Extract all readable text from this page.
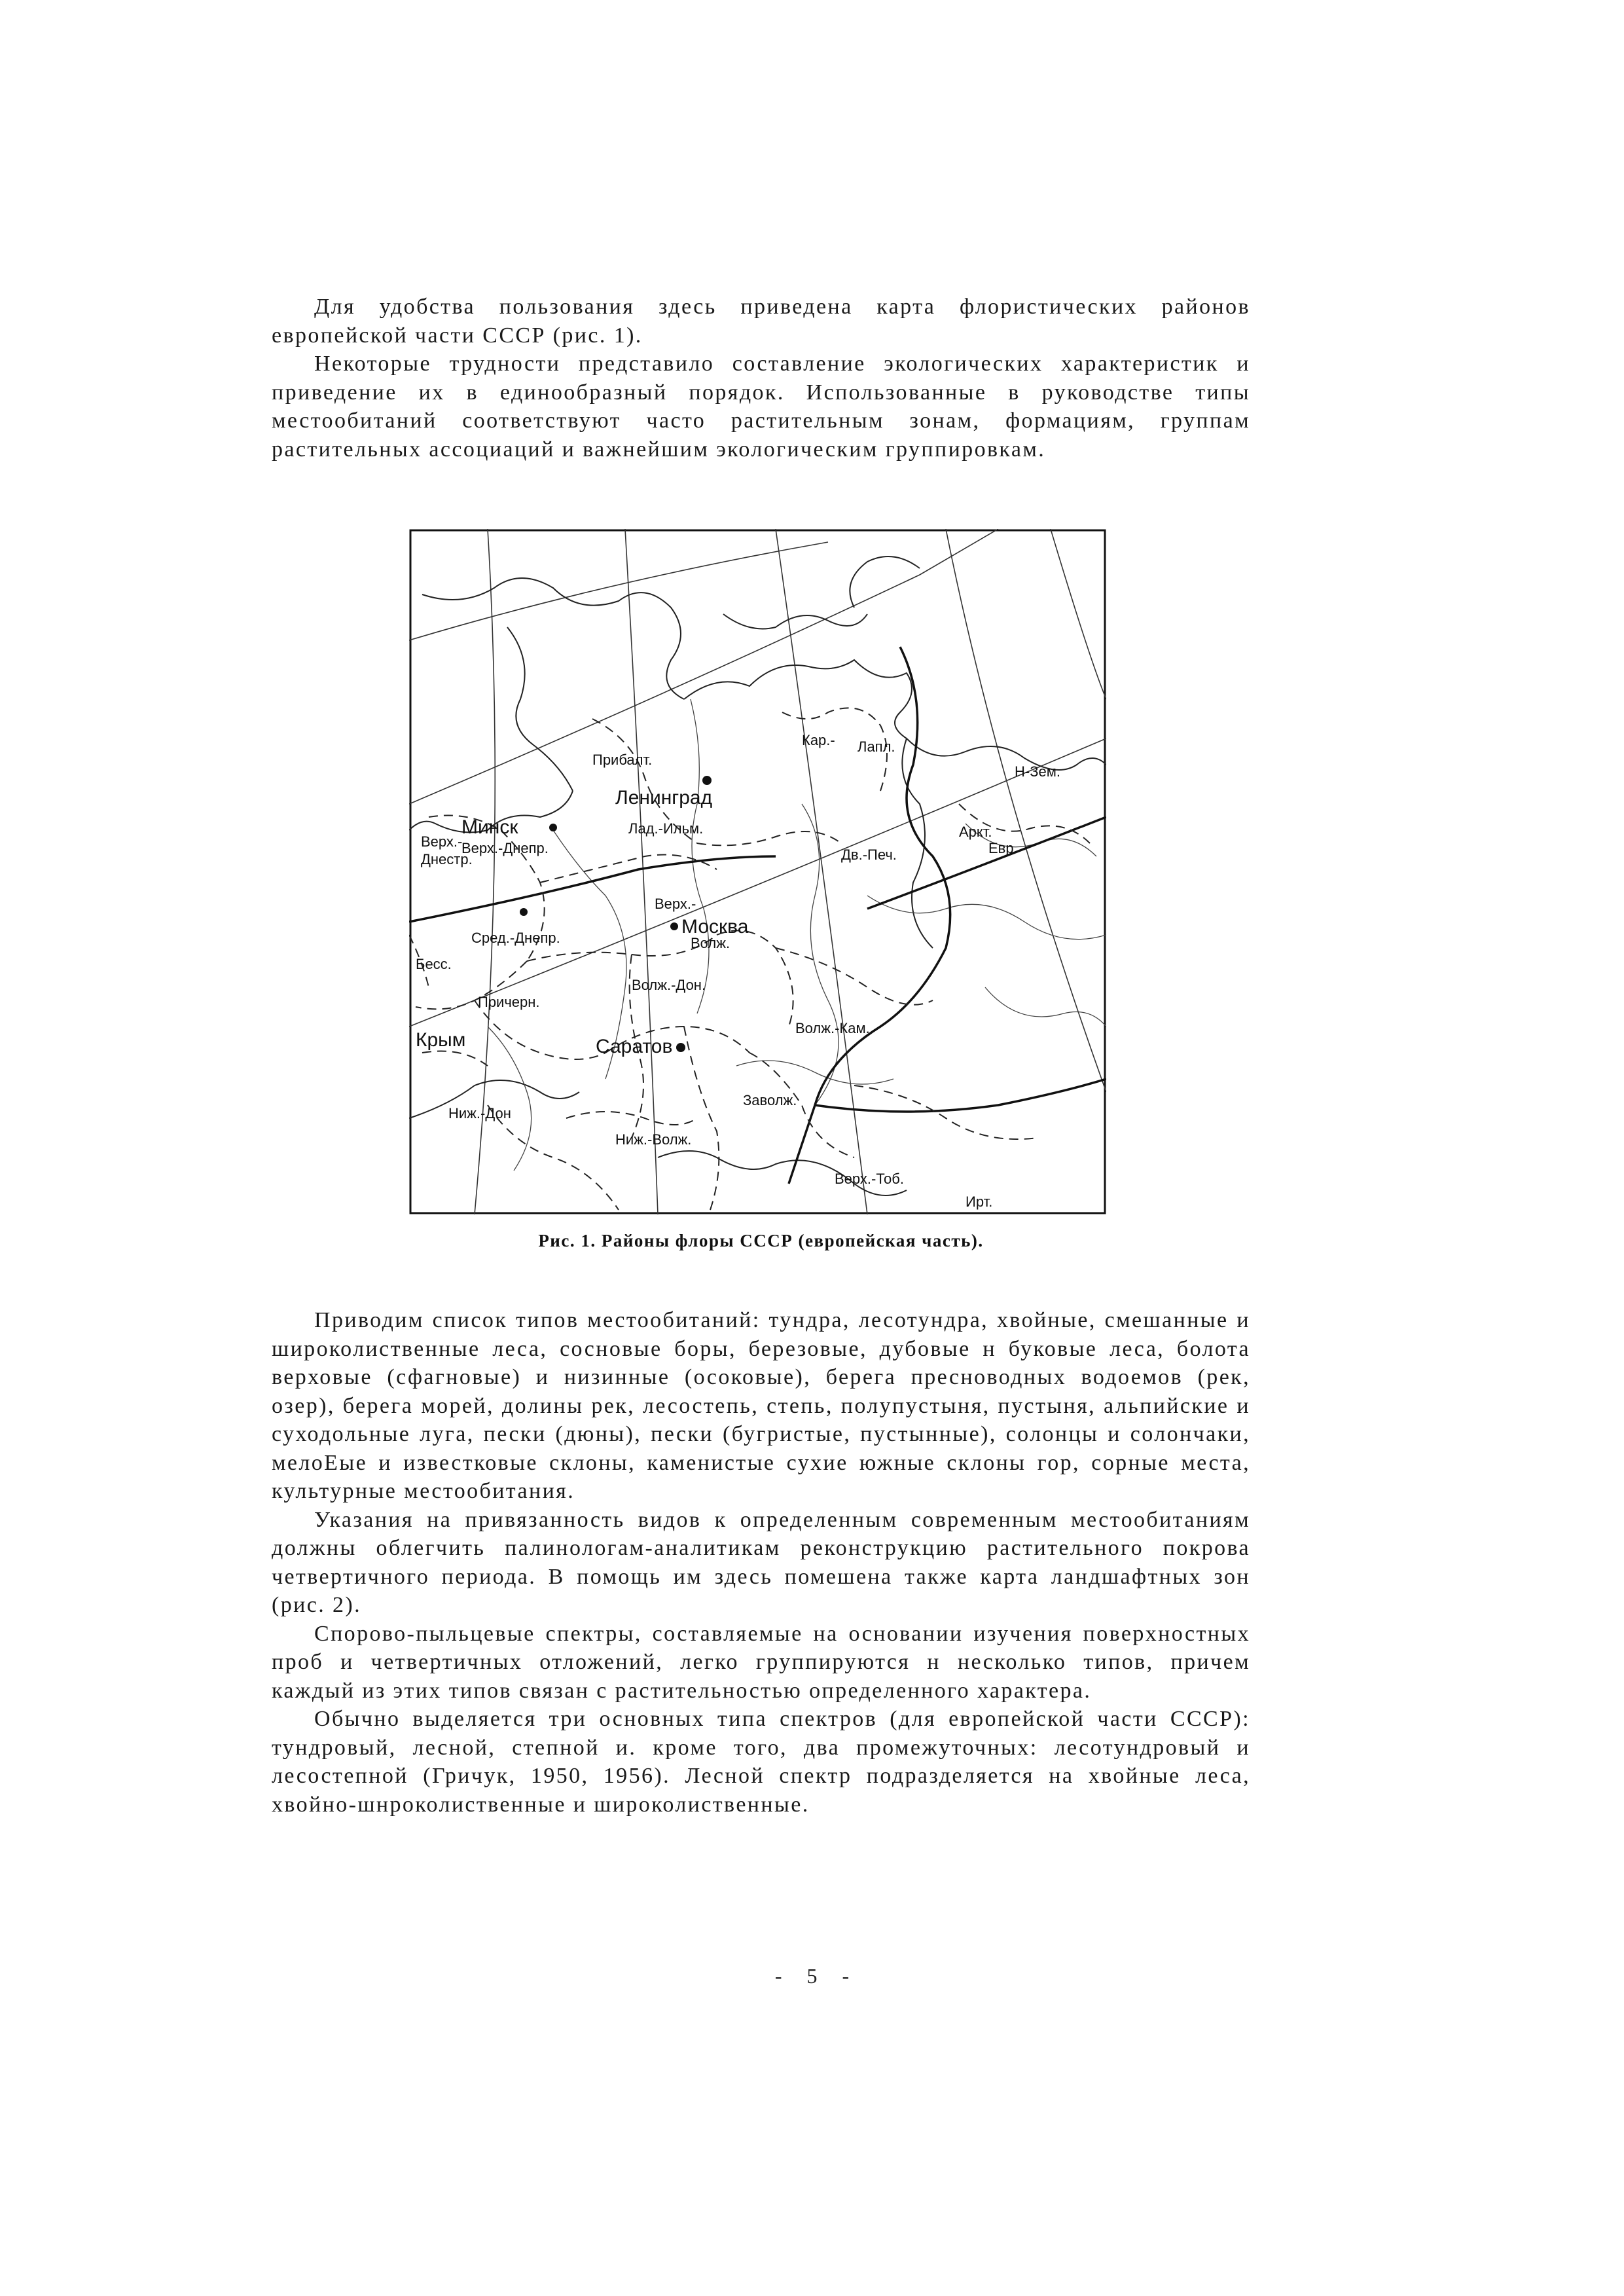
Для удобства пользования здесь приведена карта флористических районов европейской части СССР (рис. 1).

Некоторые трудности представило составление экологических характеристик и приведение их в единообразный порядок. Использованные в руководстве типы местообитаний соответствуют часто растительным зонам, формациям, группам растительных ассоциаций и важнейшим экологическим группировкам.

Минск
Ленинград
Москва
Саратов
Прибалт.
Кар.- Лапл.
Н-Зем.
Аркт.
Евр.
Верх.-
Днестр.
Верх.-Днепр.
Лад.-Ильм.
Дв.-Печ.
Верх.-
Волж.
Сред.-Днепр.
Бесс.
Волж.-Дон.
Причерн.
Волж.-Кам.
Крым
Заволж.
Ниж.-Дон
Ниж.-Волж.
Верх.-Тоб.
Ирт.
Рис. 1. Районы флоры СССР (европейская часть).

Приводим список типов местообитаний: тундра, лесотундра, хвойные, смешанные и широколиственные леса, сосновые боры, березовые, дубовые н буковые леса, болота верховые (сфагновые) и низинные (осоковые), берега пресноводных водоемов (рек, озер), берега морей, долины рек, лесостепь, степь, полупустыня, пустыня, альпийские и суходольные луга, пески (дюны), пески (бугристые, пустынные), солонцы и солончаки, мелоЕые и известковые склоны, каменистые сухие южные склоны гор, сорные места, культурные местообитания.

Указания на привязанность видов к определенным современным местообитаниям должны облегчить палинологам-аналитикам реконструкцию растительного покрова четвертичного периода. В помощь им здесь помешена также карта ландшафтных зон (рис. 2).

Спорово-пыльцевые спектры, составляемые на основании изучения поверхностных проб и четвертичных отложений, легко группируются н несколько типов, причем каждый из этих типов связан с растительностью определенного характера.

Обычно выделяется три основных типа спектров (для европейской части СССР): тундровый, лесной, степной и. кроме того, два промежуточных: лесотундровый и лесостепной (Гричук, 1950, 1956). Лесной спектр подразделяется на хвойные леса, хвойно-шнроколиственные и широколиственные.

- 5 -
